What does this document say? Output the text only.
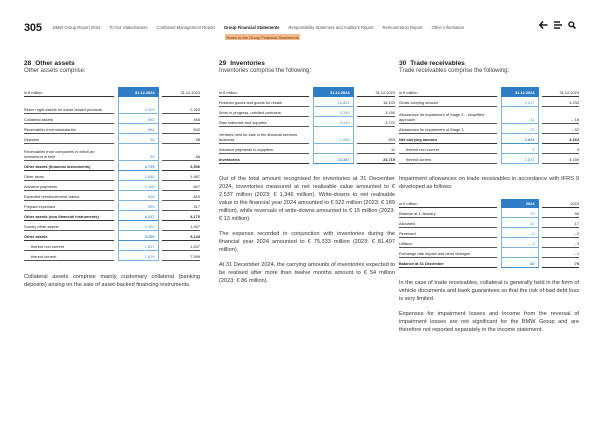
305	BMW Group Report 2024 To Our Stakeholders Combined Management Report Group Financial Statements Responsibility Statement and Auditor's Report Remuneration Report Other Information
Notes to the Group Financial Statements
28 Other assets
Other assets comprise:
in € million		31.12.2024		31.12.2023
Return right assets for future leased products		2,000		2,263
Collateral assets		892		455
Receivables from subsidiaries		684		642
Deposits		98		98
Receivables from companies in which an investment is held		55		68
Other assets (financial instruments)		3,729		3,506
Other taxes		1,686		1,987
Advance payments		1,168		847
Expected reimbursement claims		818		819
Prepaid expenses		555		517
Other assets (non-financial instruments)		4,227		4,170
Sundry other assets		1,300		1,457
Other assets		9,256		9,133
thereof non-current		1,827		1,537
thereof current		7,429		7,596

Collateral assets comprise mainly customary collateral (banking deposits) arising on the sale of asset-backed financing instruments.

29 Inventories
Inventories comprise the following:
in € million		31.12.2024		31.12.2023
Finished goods and goods for resale		16,851		16,103
Work in progress, unbilled contracts		3,130		3,190
Raw materials and supplies		3,310		3,722
Vehicles held for sale in the financial services business		1,096		693
Advance payments to suppliers		–		11
Inventories		24,387		23,719

Out of the total amount recognised for inventories at 31 December 2024, inventories measured at net realisable value amounted to € 2,537 million (2023: € 1,346 million). Write-downs to net realisable value in the financial year 2024 amounted to € 522 million (2023: € 189 million), while reversals of write-downs amounted to € 15 million (2023: € 13 million).

The expense recorded in conjunction with inventories during the financial year 2024 amounted to € 75,333 million (2023: € 81,497 million).

At 31 December 2024, the carrying amounts of inventories expected to be realised after more than twelve months amount to € 54 million (2023: € 86 million).

30 Trade receivables
Trade receivables comprise the following:
in € million		31.12.2024		31.12.2023
Gross carrying amount		2,917		4,232
Allowances for impairment of Stage 2 – simplified approach		– 11		– 18
Allowances for impairment of Stage 3		– 72		– 52
Net carrying amount		2,834		4,162
thereof non-current		3		3
thereof current		2,831		4,159

Impairment allowances on trade receivables in accordance with IFRS 9 developed as follows:

in € million		2024		2023
Balance at 1 January		70		55
Allocated		22		17
Reversed		– 6		– 2
Utilised		– 3		– 3
Exchange rate impact and other changes		–		– 1
Balance at 31 December		83		70

In the case of trade receivables, collateral is generally held in the form of vehicle documents and bank guarantees so that the risk of bad debt loss is very limited.

Expenses for impairment losses and income from the reversal of impairment losses are not significant for the BMW Group and are therefore not reported separately in the income statement.
